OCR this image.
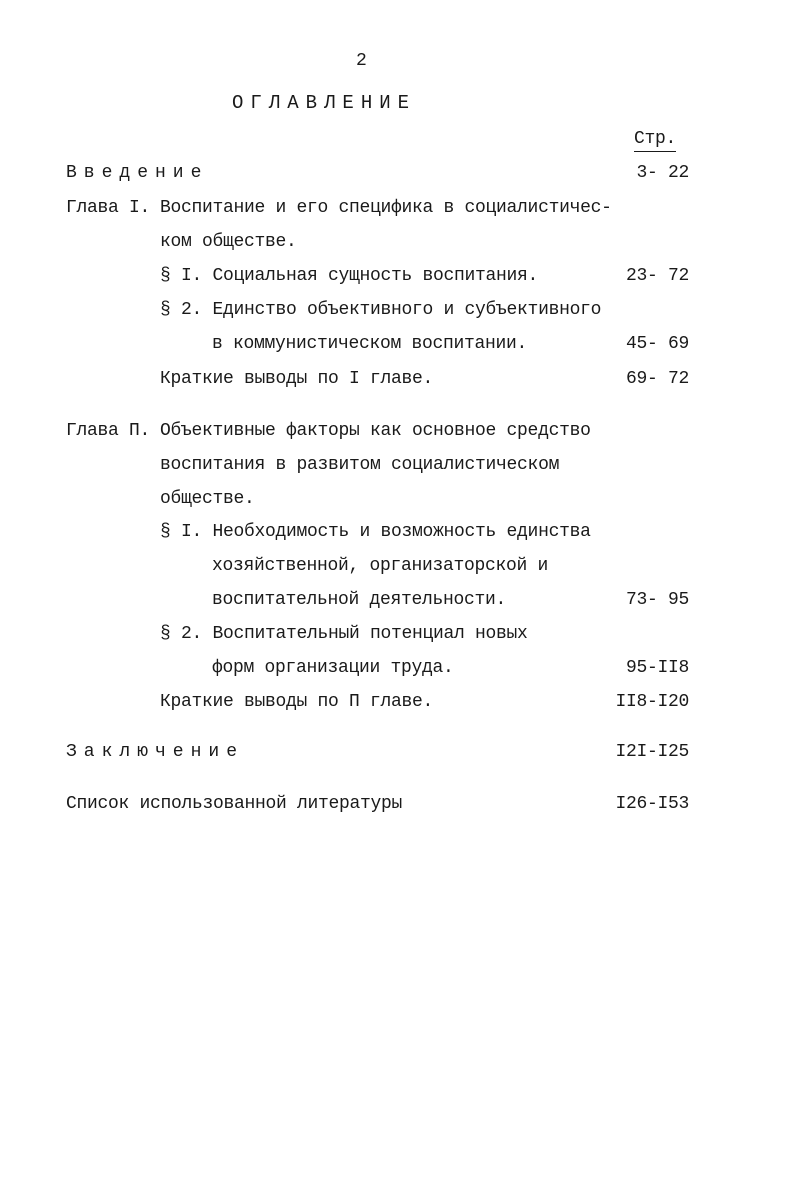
2
ОГЛАВЛЕНИЕ
Стр.
Введение	3- 22
Глава I. Воспитание и его специфика в социалистичес-
ком обществе.
§ I. Социальная сущность воспитания.	23- 72
§ 2. Единство объективного и субъективного
в коммунистическом воспитании.	45- 69
Краткие выводы по I главе.	69- 72
Глава П. Объективные факторы как основное средство
воспитания в развитом социалистическом
обществе.
§ I. Необходимость и возможность единства
хозяйственной, организаторской и
воспитательной деятельности.	73- 95
§ 2. Воспитательный потенциал новых
форм организации труда.	95-II8
Краткие выводы по П главе.	II8-I20
Заключение	I2I-I25
Список использованной литературы	I26-I53
